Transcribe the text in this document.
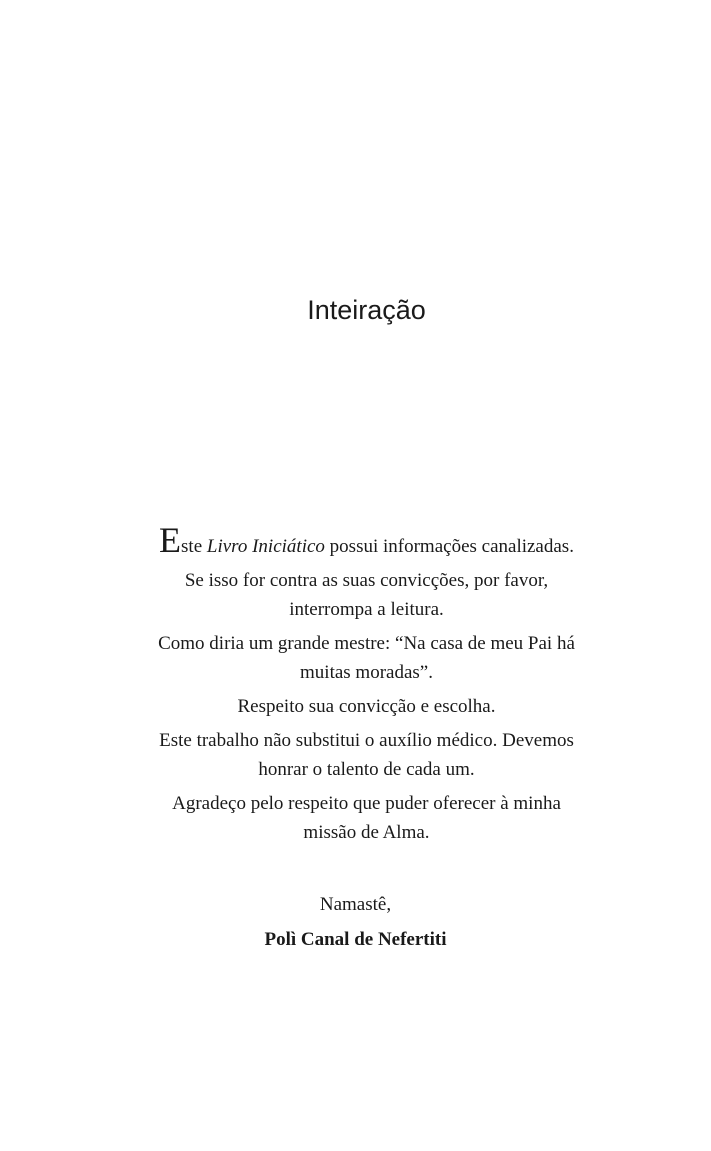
Inteiração

Este Livro Iniciático possui informações canalizadas.

Se isso for contra as suas convicções, por favor,
interrompa a leitura.

Como diria um grande mestre: “Na casa de meu Pai há
muitas moradas”.

Respeito sua convicção e escolha.

Este trabalho não substitui o auxílio médico. Devemos
honrar o talento de cada um.

Agradeço pelo respeito que puder oferecer à minha
missão de Alma.

Namastê,
Polì Canal de Nefertiti
